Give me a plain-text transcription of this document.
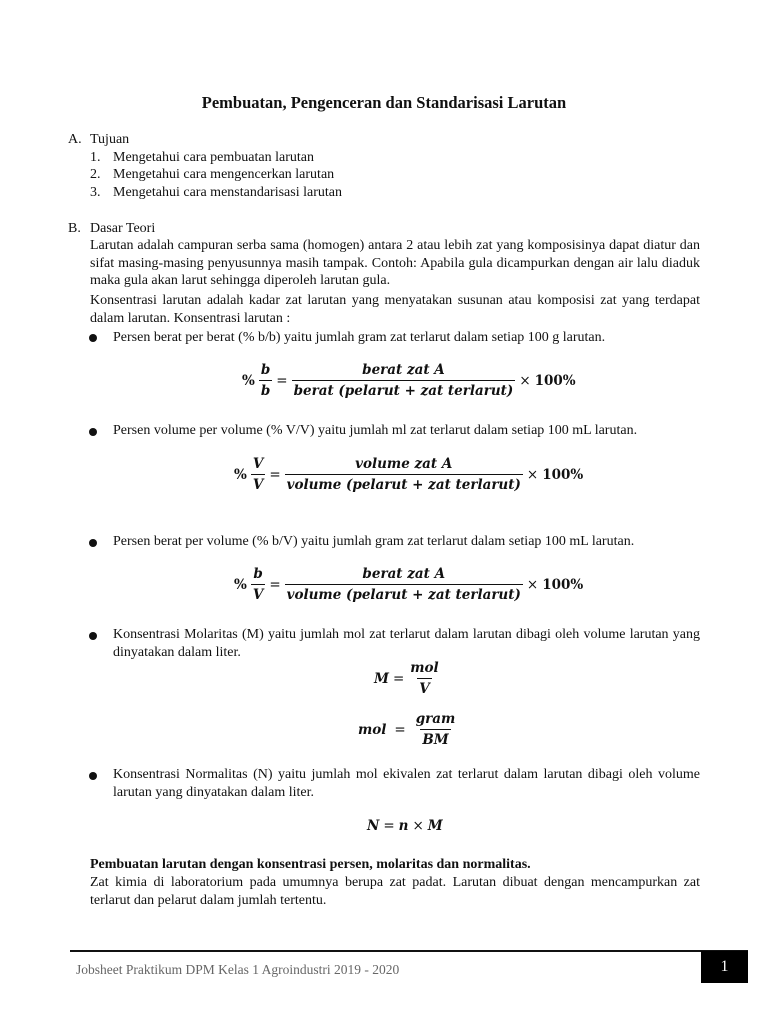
Pembuatan, Pengenceran dan Standarisasi Larutan
A. Tujuan
1. Mengetahui cara pembuatan larutan
2. Mengetahui cara mengencerkan larutan
3. Mengetahui cara menstandarisasi larutan
B. Dasar Teori
Larutan adalah campuran serba sama (homogen) antara 2 atau lebih zat yang komposisinya dapat diatur dan sifat masing-masing penyusunnya masih tampak. Contoh: Apabila gula dicampurkan dengan air lalu diaduk maka gula akan larut sehingga diperoleh larutan gula.
Konsentrasi larutan adalah kadar zat larutan yang menyatakan susunan atau komposisi zat yang terdapat dalam larutan. Konsentrasi larutan :
Persen berat per berat (% b/b) yaitu jumlah gram zat terlarut dalam setiap 100 g larutan.
% $\frac{b}{b} = \frac{\text{berat zat A}}{\text{berat (pelarut + zat terlarut)}} \times 100\%$
Persen volume per volume (% V/V) yaitu jumlah ml zat terlarut dalam setiap 100 mL larutan.
% $\frac{V}{V} = \frac{\text{volume zat A}}{\text{volume (pelarut + zat terlarut)}} \times 100\%$
Persen berat per volume (% b/V) yaitu jumlah gram zat terlarut dalam setiap 100 mL larutan.
% $\frac{b}{V} = \frac{\text{berat zat A}}{\text{volume (pelarut + zat terlarut)}} \times 100\%$
Konsentrasi Molaritas (M) yaitu jumlah mol zat terlarut dalam larutan dibagi oleh volume larutan yang dinyatakan dalam liter.
$M = \frac{\text{mol}}{V}$
mol = $\frac{\text{gram}}{BM}$
Konsentrasi Normalitas (N) yaitu jumlah mol ekivalen zat terlarut dalam larutan dibagi oleh volume larutan yang dinyatakan dalam liter.
N = n × M
Pembuatan larutan dengan konsentrasi persen, molaritas dan normalitas.
Zat kimia di laboratorium pada umumnya berupa zat padat. Larutan dibuat dengan mencampurkan zat terlarut dan pelarut dalam jumlah tertentu.
Jobsheet Praktikum DPM Kelas 1 Agroindustri 2019 - 2020	1
